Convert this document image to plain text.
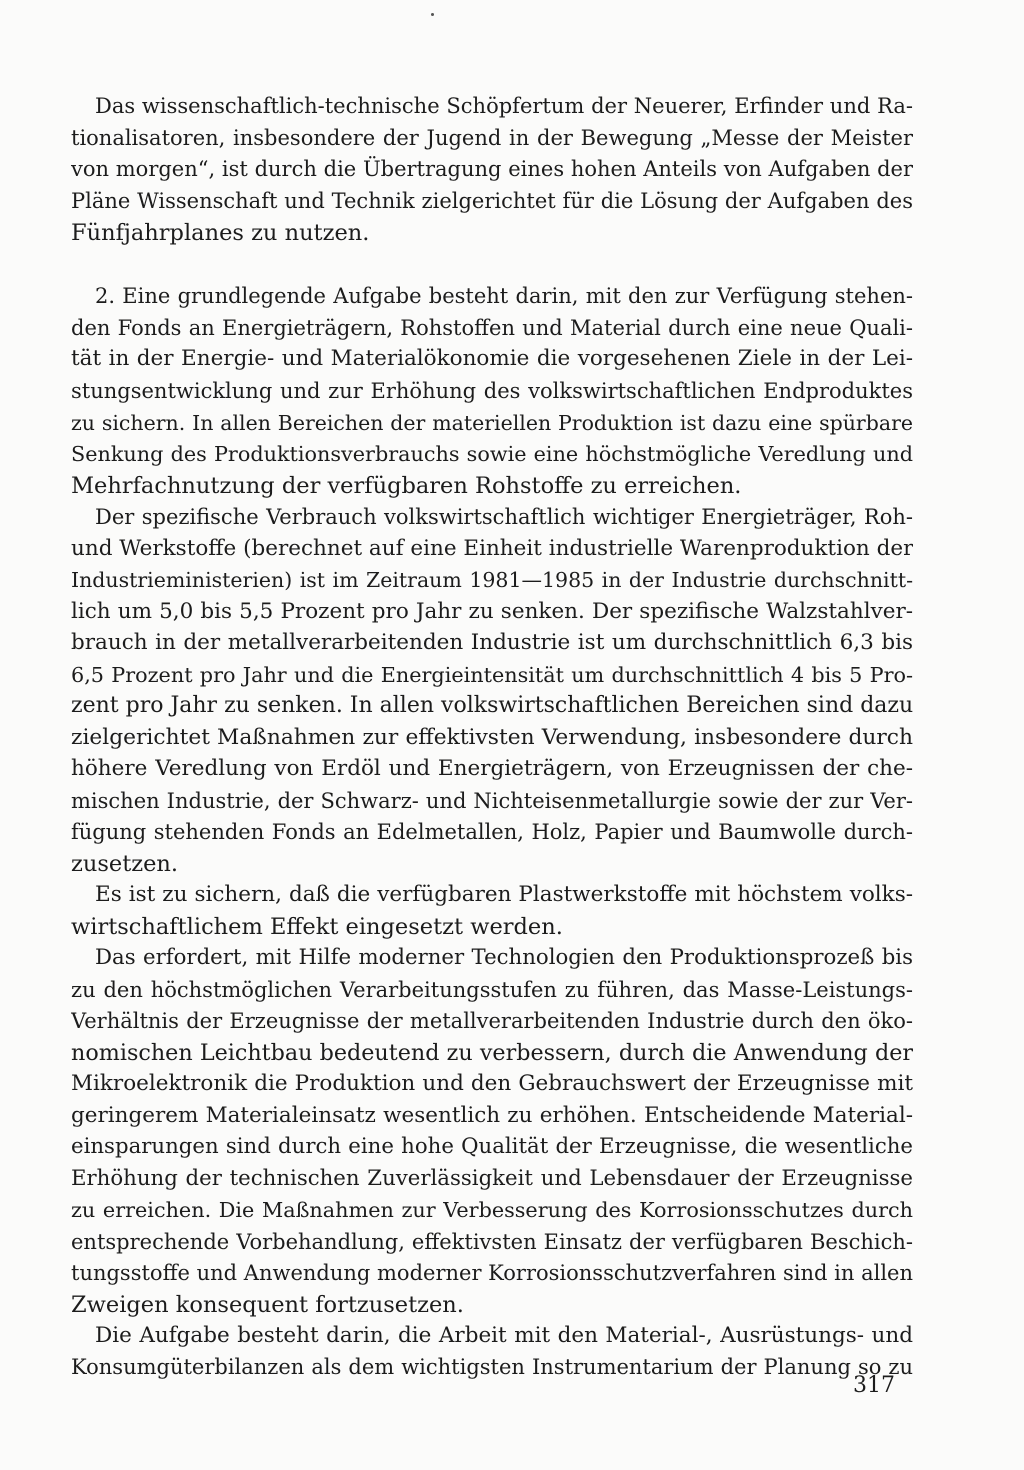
Das wissenschaftlich-technische Schöpfertum der Neuerer, Erfinder und Ra-
tionalisatoren, insbesondere der Jugend in der Bewegung „Messe der Meister
von morgen“, ist durch die Übertragung eines hohen Anteils von Aufgaben der
Pläne Wissenschaft und Technik zielgerichtet für die Lösung der Aufgaben des
Fünfjahrplanes zu nutzen.
2. Eine grundlegende Aufgabe besteht darin, mit den zur Verfügung stehen-
den Fonds an Energieträgern, Rohstoffen und Material durch eine neue Quali-
tät in der Energie- und Materialökonomie die vorgesehenen Ziele in der Lei-
stungsentwicklung und zur Erhöhung des volkswirtschaftlichen Endproduktes
zu sichern. In allen Bereichen der materiellen Produktion ist dazu eine spürbare
Senkung des Produktionsverbrauchs sowie eine höchstmögliche Veredlung und
Mehrfachnutzung der verfügbaren Rohstoffe zu erreichen.
Der spezifische Verbrauch volkswirtschaftlich wichtiger Energieträger, Roh-
und Werkstoffe (berechnet auf eine Einheit industrielle Warenproduktion der
Industrieministerien) ist im Zeitraum 1981—1985 in der Industrie durchschnitt-
lich um 5,0 bis 5,5 Prozent pro Jahr zu senken. Der spezifische Walzstahlver-
brauch in der metallverarbeitenden Industrie ist um durchschnittlich 6,3 bis
6,5 Prozent pro Jahr und die Energieintensität um durchschnittlich 4 bis 5 Pro-
zent pro Jahr zu senken. In allen volkswirtschaftlichen Bereichen sind dazu
zielgerichtet Maßnahmen zur effektivsten Verwendung, insbesondere durch
höhere Veredlung von Erdöl und Energieträgern, von Erzeugnissen der che-
mischen Industrie, der Schwarz- und Nichteisenmetallurgie sowie der zur Ver-
fügung stehenden Fonds an Edelmetallen, Holz, Papier und Baumwolle durch-
zusetzen.
Es ist zu sichern, daß die verfügbaren Plastwerkstoffe mit höchstem volks-
wirtschaftlichem Effekt eingesetzt werden.
Das erfordert, mit Hilfe moderner Technologien den Produktionsprozeß bis
zu den höchstmöglichen Verarbeitungsstufen zu führen, das Masse-Leistungs-
Verhältnis der Erzeugnisse der metallverarbeitenden Industrie durch den öko-
nomischen Leichtbau bedeutend zu verbessern, durch die Anwendung der
Mikroelektronik die Produktion und den Gebrauchswert der Erzeugnisse mit
geringerem Materialeinsatz wesentlich zu erhöhen. Entscheidende Material-
einsparungen sind durch eine hohe Qualität der Erzeugnisse, die wesentliche
Erhöhung der technischen Zuverlässigkeit und Lebensdauer der Erzeugnisse
zu erreichen. Die Maßnahmen zur Verbesserung des Korrosionsschutzes durch
entsprechende Vorbehandlung, effektivsten Einsatz der verfügbaren Beschich-
tungsstoffe und Anwendung moderner Korrosionsschutzverfahren sind in allen
Zweigen konsequent fortzusetzen.
Die Aufgabe besteht darin, die Arbeit mit den Material-, Ausrüstungs- und
Konsumgüterbilanzen als dem wichtigsten Instrumentarium der Planung so zu
317
